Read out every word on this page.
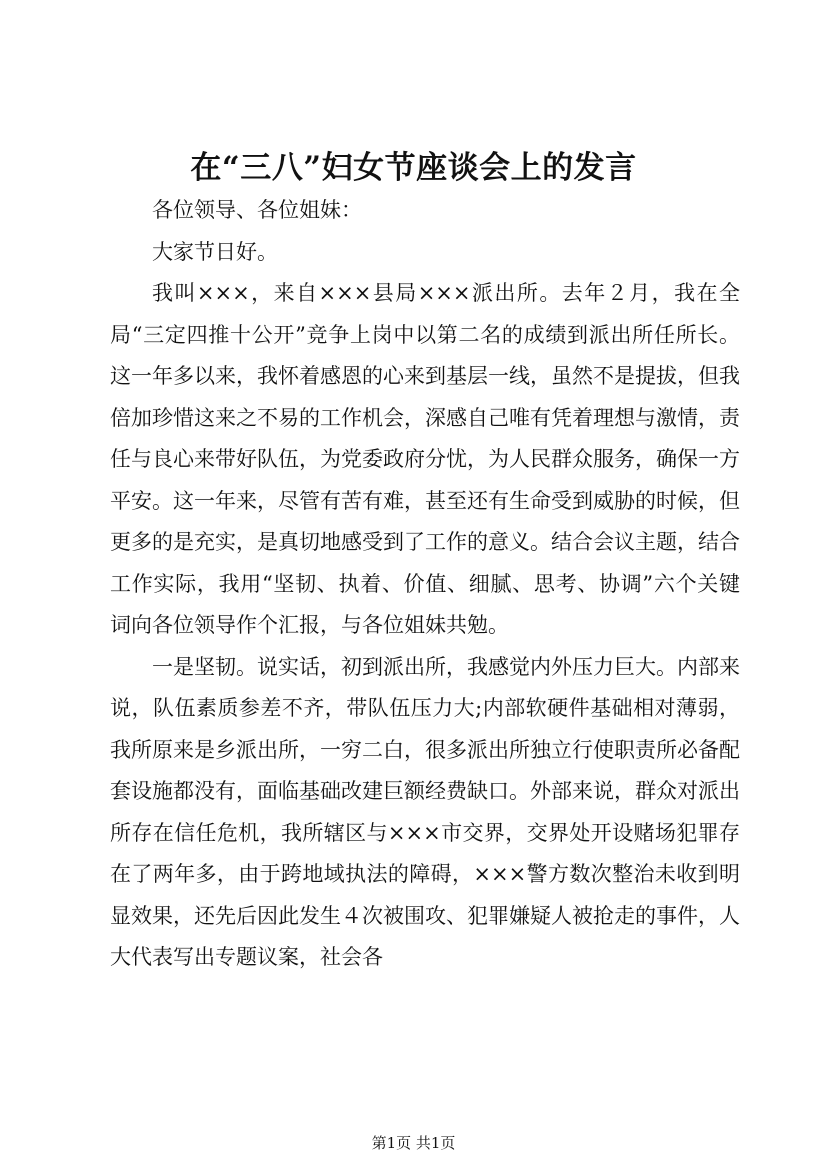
在“三八”妇女节座谈会上的发言

各位领导、各位姐妹：

大家节日好。

我叫×××，来自×××县局×××派出所。去年２月，我在全局“三定四推十公开”竞争上岗中以第二名的成绩到派出所任所长。这一年多以来，我怀着感恩的心来到基层一线，虽然不是提拔，但我倍加珍惜这来之不易的工作机会，深感自己唯有凭着理想与激情，责任与良心来带好队伍，为党委政府分忧，为人民群众服务，确保一方平安。这一年来，尽管有苦有难，甚至还有生命受到威胁的时候，但更多的是充实，是真切地感受到了工作的意义。结合会议主题，结合工作实际，我用“坚韧、执着、价值、细腻、思考、协调”六个关键词向各位领导作个汇报，与各位姐妹共勉。

一是坚韧。说实话，初到派出所，我感觉内外压力巨大。内部来说，队伍素质参差不齐，带队伍压力大;内部软硬件基础相对薄弱，我所原来是乡派出所，一穷二白，很多派出所独立行使职责所必备配套设施都没有，面临基础改建巨额经费缺口。外部来说，群众对派出所存在信任危机，我所辖区与×××市交界，交界处开设赌场犯罪存在了两年多，由于跨地域执法的障碍，×××警方数次整治未收到明显效果，还先后因此发生４次被围攻、犯罪嫌疑人被抢走的事件，人大代表写出专题议案，社会各

第1页 共1页
